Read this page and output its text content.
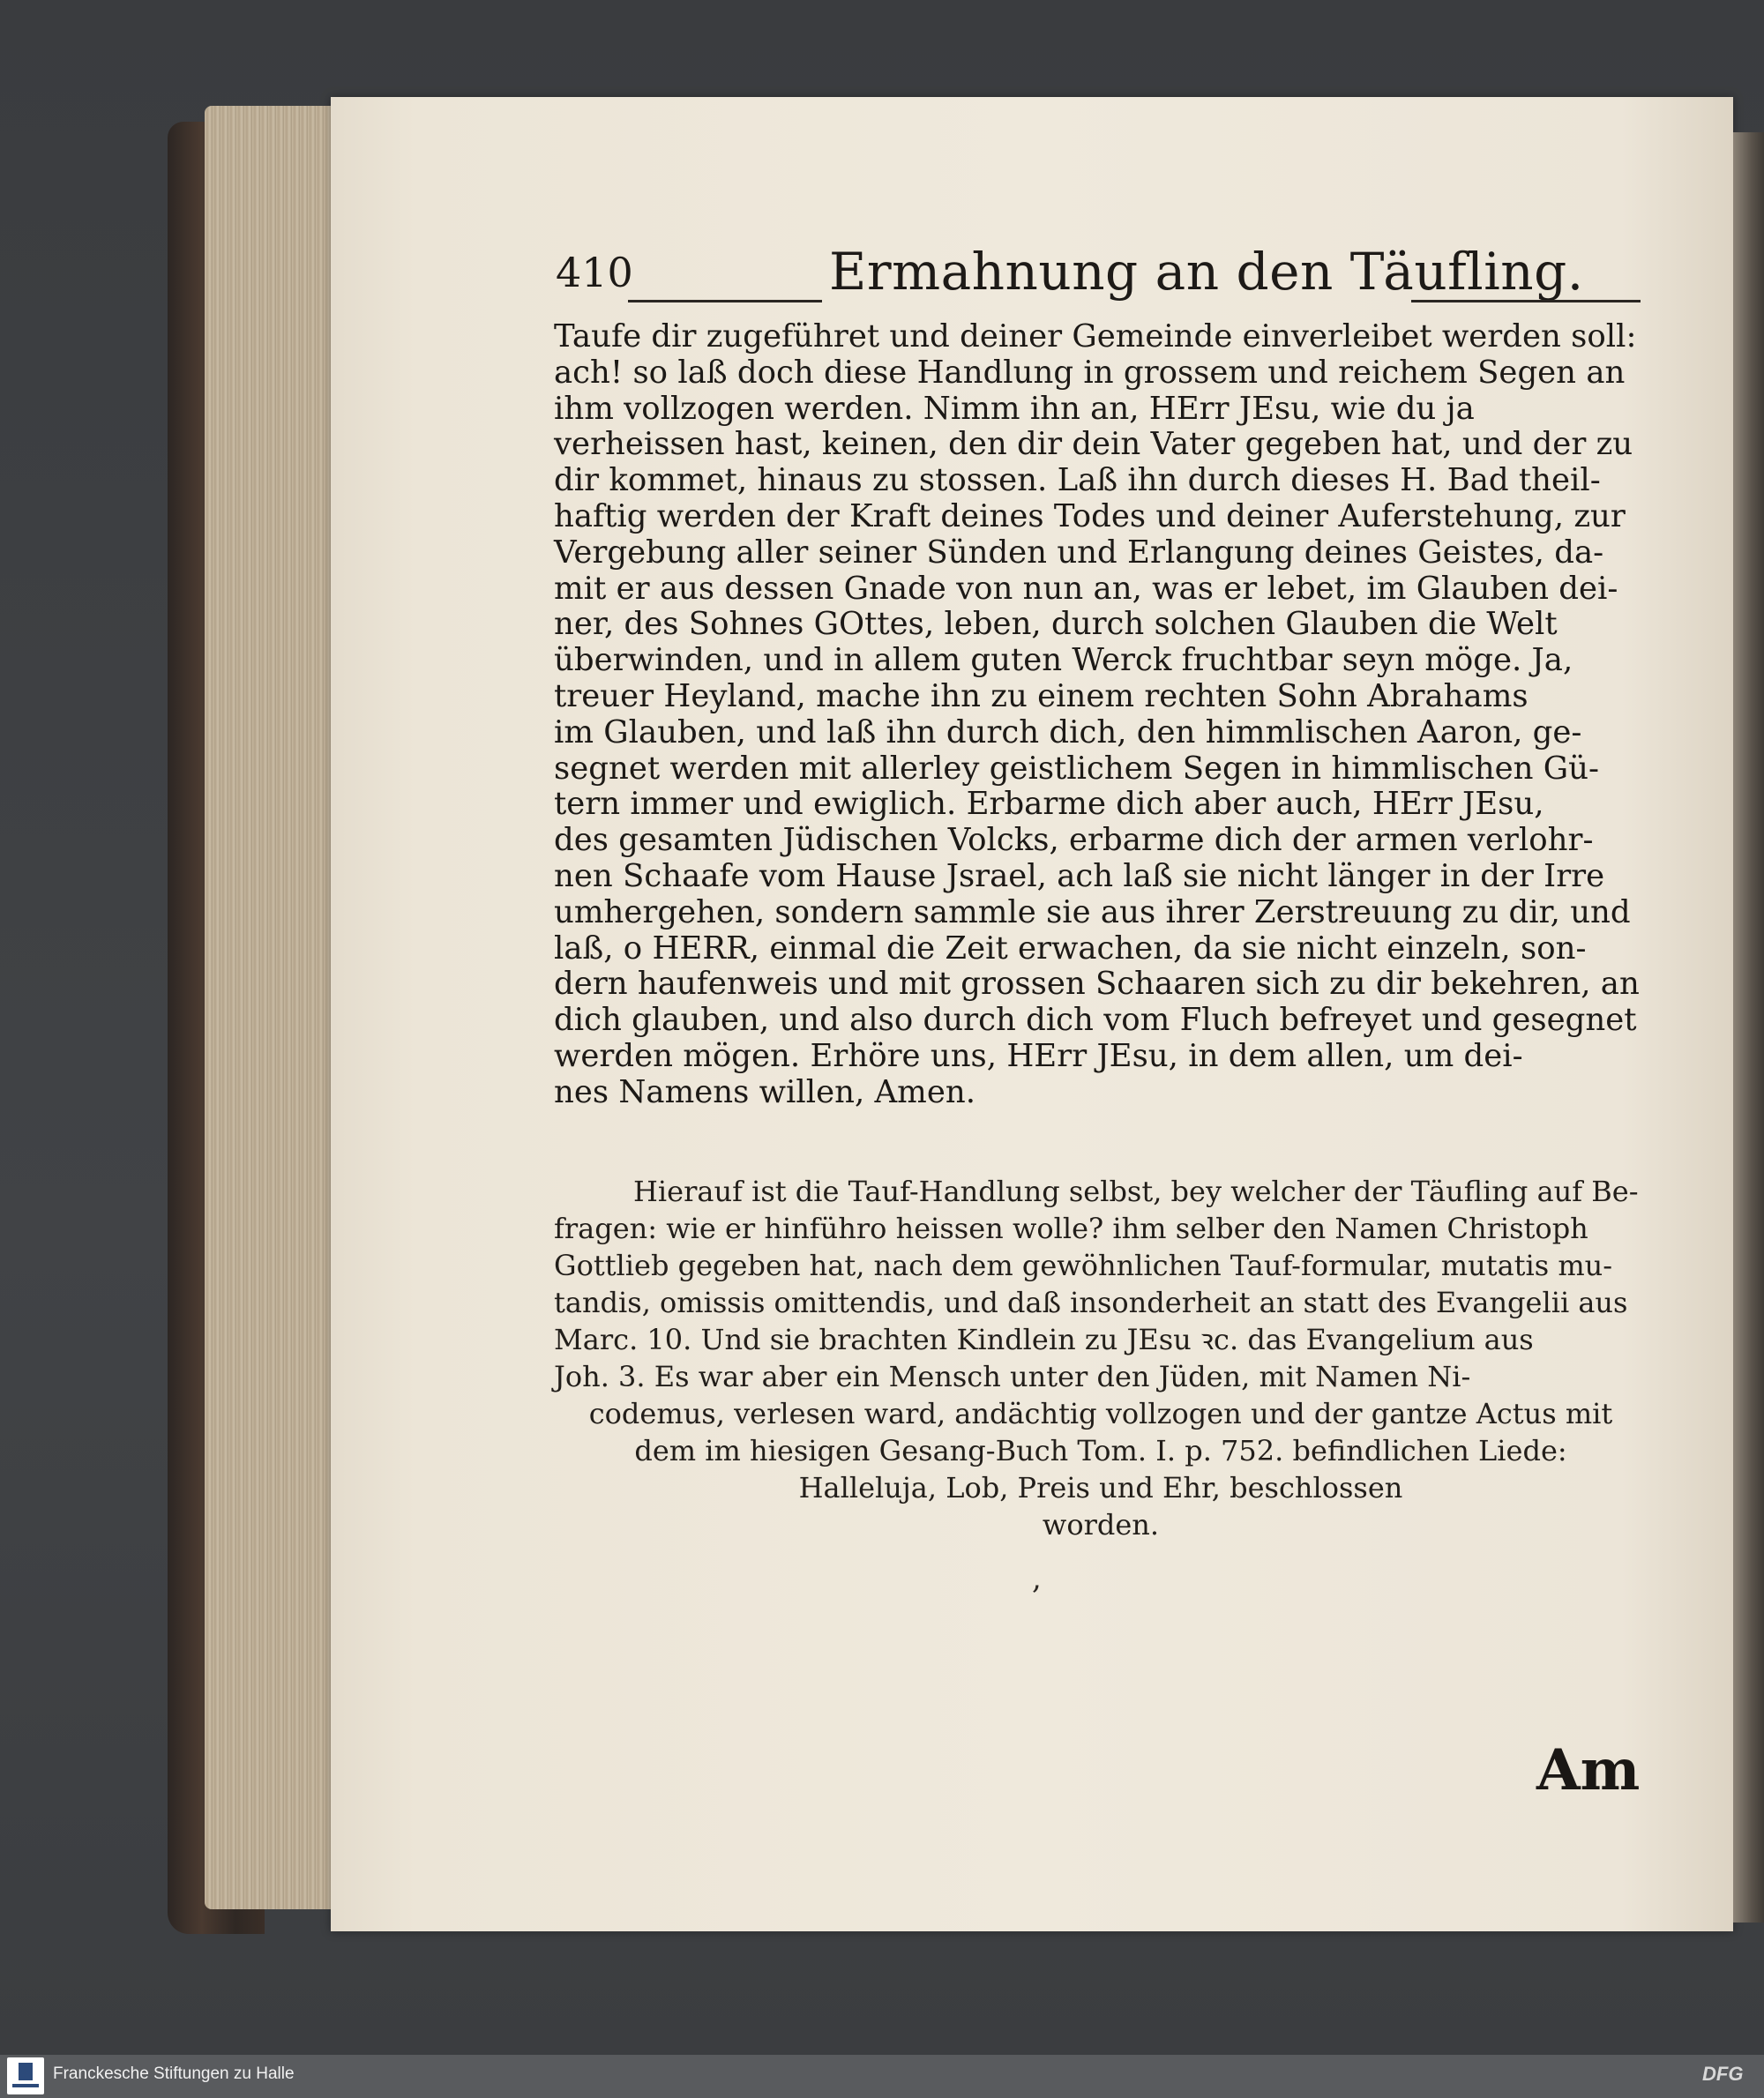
410	Ermahnung an den Täufling.
Taufe dir zugeführet und deiner Gemeinde einverleibet werden soll:
ach! so laß doch diese Handlung in grossem und reichem Segen an
ihm vollzogen werden. Nimm ihn an, HErr JEsu, wie du ja
verheissen hast, keinen, den dir dein Vater gegeben hat, und der zu
dir kommet, hinaus zu stossen. Laß ihn durch dieses H. Bad theil-
haftig werden der Kraft deines Todes und deiner Auferstehung, zur
Vergebung aller seiner Sünden und Erlangung deines Geistes, da-
mit er aus dessen Gnade von nun an, was er lebet, im Glauben dei-
ner, des Sohnes GOttes, leben, durch solchen Glauben die Welt
überwinden, und in allem guten Werck fruchtbar seyn möge. Ja,
treuer Heyland, mache ihn zu einem rechten Sohn Abrahams
im Glauben, und laß ihn durch dich, den himmlischen Aaron, ge-
segnet werden mit allerley geistlichem Segen in himmlischen Gü-
tern immer und ewiglich. Erbarme dich aber auch, HErr JEsu,
des gesamten Jüdischen Volcks, erbarme dich der armen verlohr-
nen Schaafe vom Hause Jsrael, ach laß sie nicht länger in der Irre
umhergehen, sondern sammle sie aus ihrer Zerstreuung zu dir, und
laß, o HERR, einmal die Zeit erwachen, da sie nicht einzeln, son-
dern haufenweis und mit grossen Schaaren sich zu dir bekehren, an
dich glauben, und also durch dich vom Fluch befreyet und gesegnet
werden mögen. Erhöre uns, HErr JEsu, in dem allen, um dei-
nes Namens willen, Amen.
Hierauf ist die Tauf-Handlung selbst, bey welcher der Täufling auf Be-
fragen: wie er hinführo heissen wolle? ihm selber den Namen Christoph
Gottlieb gegeben hat, nach dem gewöhnlichen Tauf-formular, mutatis mu-
tandis, omissis omittendis, und daß insonderheit an statt des Evangelii aus
Marc. 10. Und sie brachten Kindlein zu JEsu ꝛc. das Evangelium aus
Joh. 3. Es war aber ein Mensch unter den Jüden, mit Namen Ni-
codemus, verlesen ward, andächtig vollzogen und der gantze Actus mit
dem im hiesigen Gesang-Buch Tom. I. p. 752. befindlichen Liede:
Halleluja, Lob, Preis und Ehr, beschlossen
worden.
,
Am
Franckesche Stiftungen zu Halle	DFG
